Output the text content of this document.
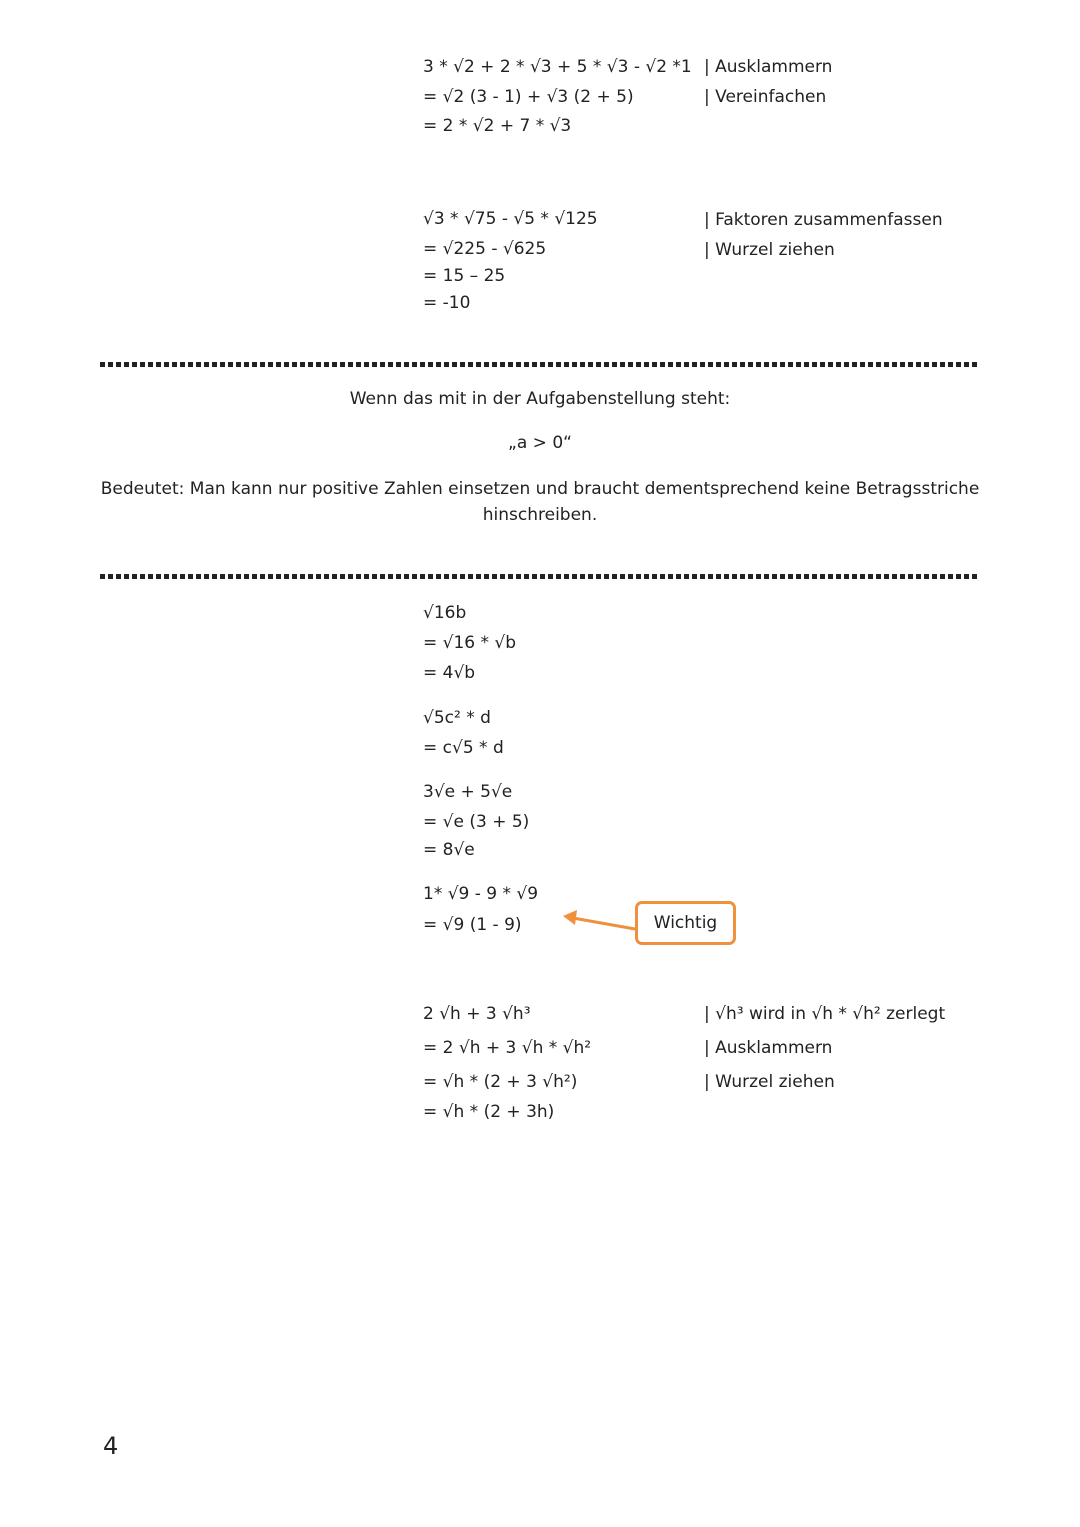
3 * √2 + 2 * √3 + 5 * √3 - √2 *1
= √2 (3 - 1) + √3 (2 + 5)
= 2 * √2 + 7 * √3
| Ausklammern
| Vereinfachen
√3 * √75 - √5 * √125
= √225 - √625
= 15 – 25
= -10
| Faktoren zusammenfassen
| Wurzel ziehen
Wenn das mit in der Aufgabenstellung steht:
„a > 0“
Bedeutet: Man kann nur positive Zahlen einsetzen und braucht dementsprechend keine Betragsstriche
hinschreiben.
√16b
= √16 * √b
= 4√b
√5c² * d
= c√5 * d
3√e + 5√e
= √e (3 + 5)
= 8√e
1* √9 - 9 * √9
= √9 (1 - 9)	Wichtig
2 √h + 3 √h³
= 2 √h + 3 √h * √h²
= √h * (2 + 3 √h²)
= √h * (2 + 3h)
| √h³ wird in √h * √h² zerlegt
| Ausklammern
| Wurzel ziehen
4
